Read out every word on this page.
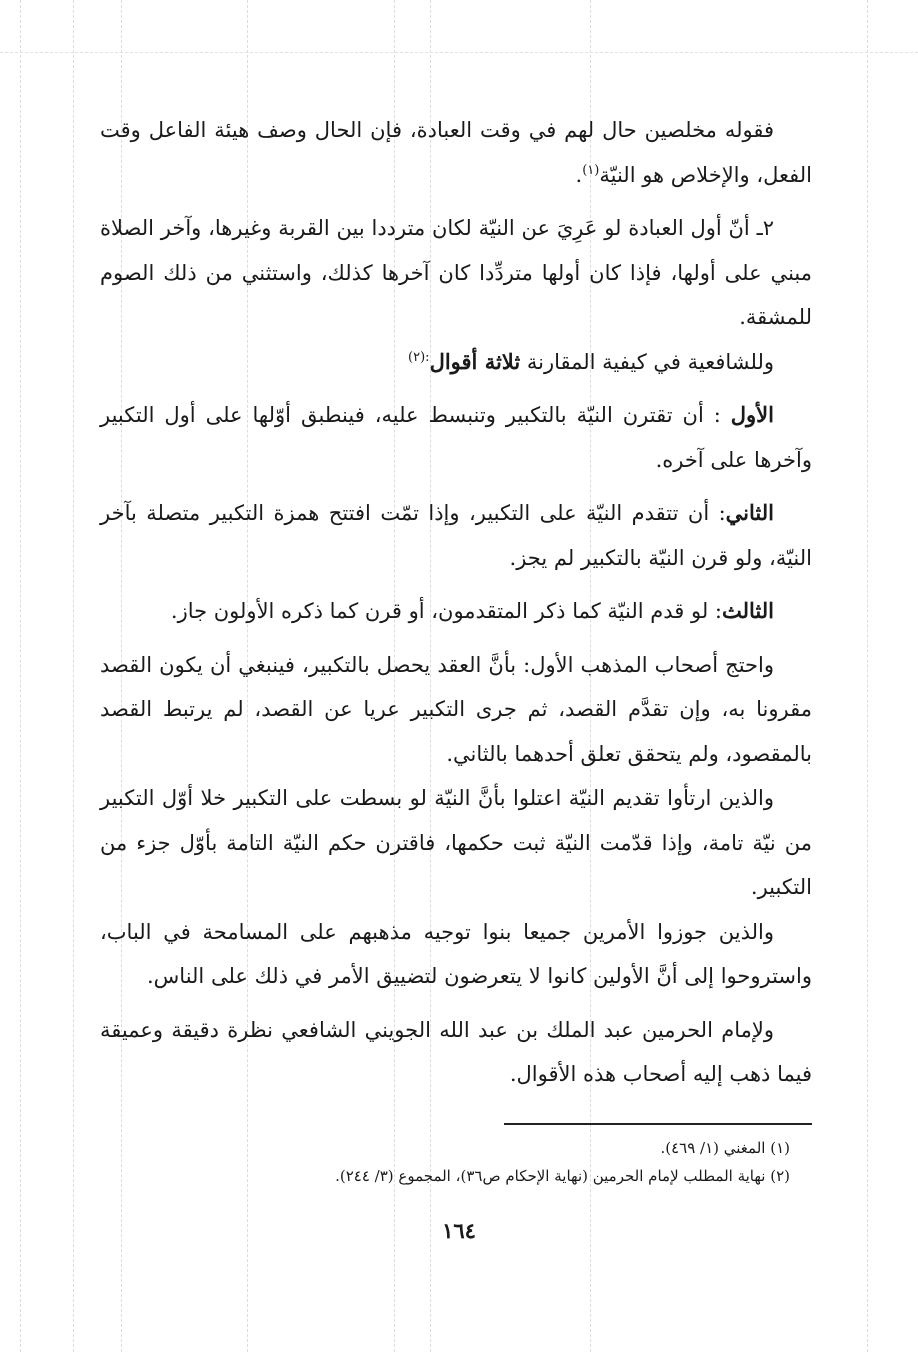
فقوله مخلصين حال لهم في وقت العبادة، فإن الحال وصف هيئة الفاعل وقت الفعل، والإخلاص هو النيّة$^{(١)}$.

٢ـ أنّ أول العبادة لو عَرِيَ عن النيّة لكان مترددا بين القربة وغيرها، وآخر الصلاة مبني على أولها، فإذا كان أولها متردِّدا كان آخرها كذلك، واستثني من ذلك الصوم للمشقة.

وللشافعية في كيفية المقارنة ثلاثة أقوال$^{:(٢)}$

الأول : أن تقترن النيّة بالتكبير وتنبسط عليه، فينطبق أوّلها على أول التكبير وآخرها على آخره.

الثاني: أن تتقدم النيّة على التكبير، وإذا تمّت افتتح همزة التكبير متصلة بآخر النيّة، ولو قرن النيّة بالتكبير لم يجز.

الثالث: لو قدم النيّة كما ذكر المتقدمون، أو قرن كما ذكره الأولون جاز.

واحتج أصحاب المذهب الأول: بأنَّ العقد يحصل بالتكبير، فينبغي أن يكون القصد مقرونا به، وإن تقدَّم القصد، ثم جرى التكبير عريا عن القصد، لم يرتبط القصد بالمقصود، ولم يتحقق تعلق أحدهما بالثاني.

والذين ارتأوا تقديم النيّة اعتلوا بأنَّ النيّة لو بسطت على التكبير خلا أوّل التكبير من نيّة تامة، وإذا قدّمت النيّة ثبت حكمها، فاقترن حكم النيّة التامة بأوّل جزء من التكبير.

والذين جوزوا الأمرين جميعا بنوا توجيه مذهبهم على المسامحة في الباب، واستروحوا إلى أنَّ الأولين كانوا لا يتعرضون لتضييق الأمر في ذلك على الناس.

ولإمام الحرمين عبد الملك بن عبد الله الجويني الشافعي نظرة دقيقة وعميقة فيما ذهب إليه أصحاب هذه الأقوال.

(١) المغني (١/ ٤٦٩).
(٢) نهاية المطلب لإمام الحرمين (نهاية الإحكام ص٣٦)، المجموع (٣/ ٢٤٤).
١٦٤
